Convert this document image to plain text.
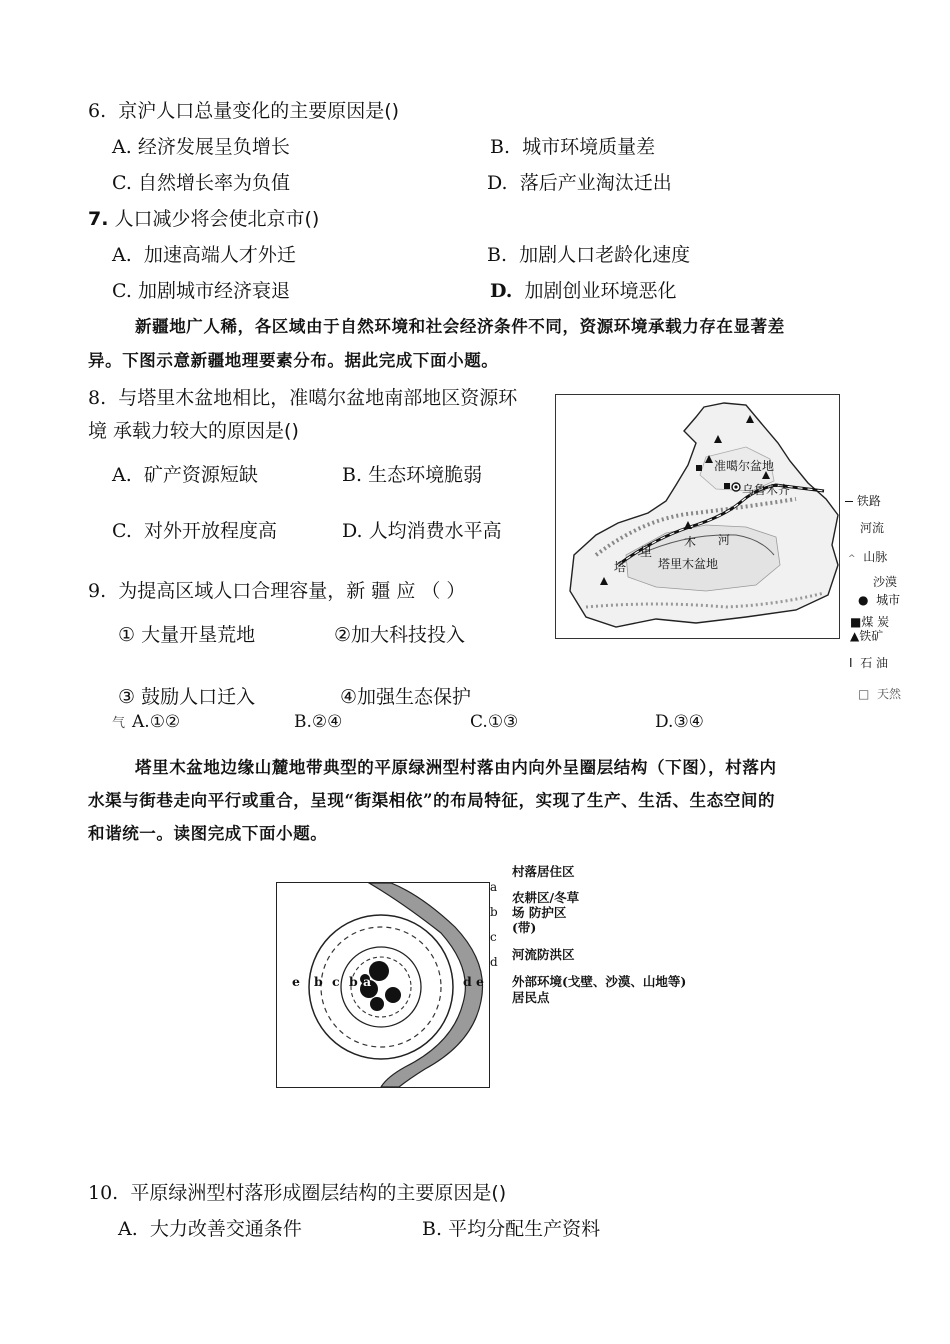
6. 京沪人口总量变化的主要原因是()
A. 经济发展呈负增长	B. 城市环境质量差
C. 自然增长率为负值	D. 落后产业淘汰迁出
7. 人口减少将会使北京市()
A. 加速高端人才外迁	B. 加剧人口老龄化速度
C. 加剧城市经济衰退	D. 加剧创业环境恶化
新疆地广人稀，各区域由于自然环境和社会经济条件不同，资源环境承载力存在显著差
异。下图示意新疆地理要素分布。据此完成下面小题。
8. 与塔里木盆地相比，准噶尔盆地南部地区资源环
境 承载力较大的原因是()
A. 矿产资源短缺	B. 生态环境脆弱
C. 对外开放程度高	D. 人均消费水平高
9. 为提高区域人口合理容量，新 疆 应 （ ）
① 大量开垦荒地	②加大科技投入
③ 鼓励人口迁入	④加强生态保护
气 A.①②	B.②④	C.①③	D.③④
准噶尔盆地
乌鲁木齐
塔里木盆地
塔
里
木 河
铁路
河流
^ 山脉
沙漠
● 城市
■煤 炭
▲铁矿
I 石 油
□ 天然
塔里木盆地边缘山麓地带典型的平原绿洲型村落由内向外呈圈层结构（下图），村落内
水渠与街巷走向平行或重合，呈现“街渠相依”的布局特征，实现了生产、生活、生态空间的
和谐统一。读图完成下面小题。
e b c b a	d e
a
b
c
d
村落居住区
农耕区/冬草
场 防护区
(带)
河流防洪区
外部环境(戈壁、沙漠、山地等)
居民点
10. 平原绿洲型村落形成圈层结构的主要原因是()
A. 大力改善交通条件	B. 平均分配生产资料
